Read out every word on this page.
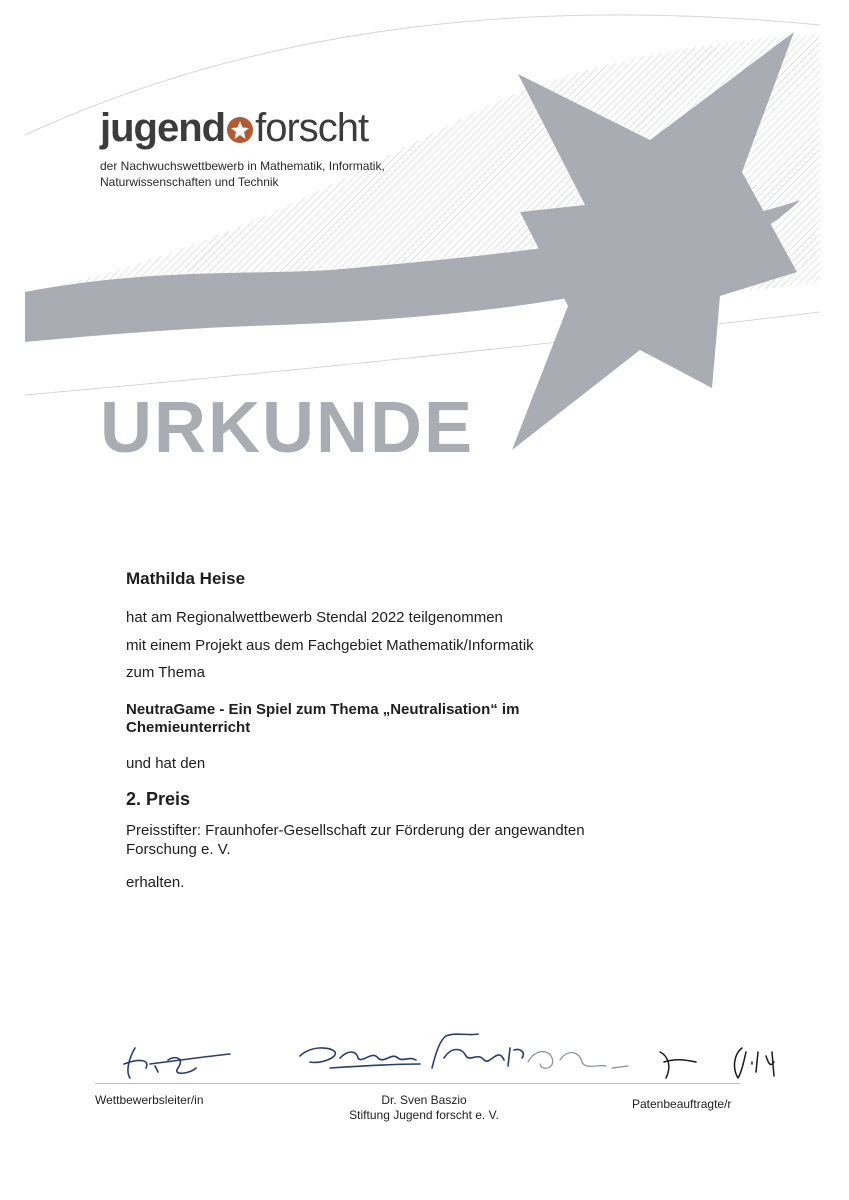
jugend forscht
der Nachwuchswettbewerb in Mathematik, Informatik,
Naturwissenschaften und Technik
URKUNDE
Mathilda Heise
hat am Regionalwettbewerb Stendal 2022 teilgenommen
mit einem Projekt aus dem Fachgebiet Mathematik/Informatik
zum Thema
NeutraGame - Ein Spiel zum Thema „Neutralisation“ im Chemieunterricht
und hat den
2. Preis
Preisstifter: Fraunhofer-Gesellschaft zur Förderung der angewandten Forschung e. V.
erhalten.
Wettbewerbsleiter/in	Dr. Sven Baszio
Stiftung Jugend forscht e. V.
Patenbeauftragte/r
